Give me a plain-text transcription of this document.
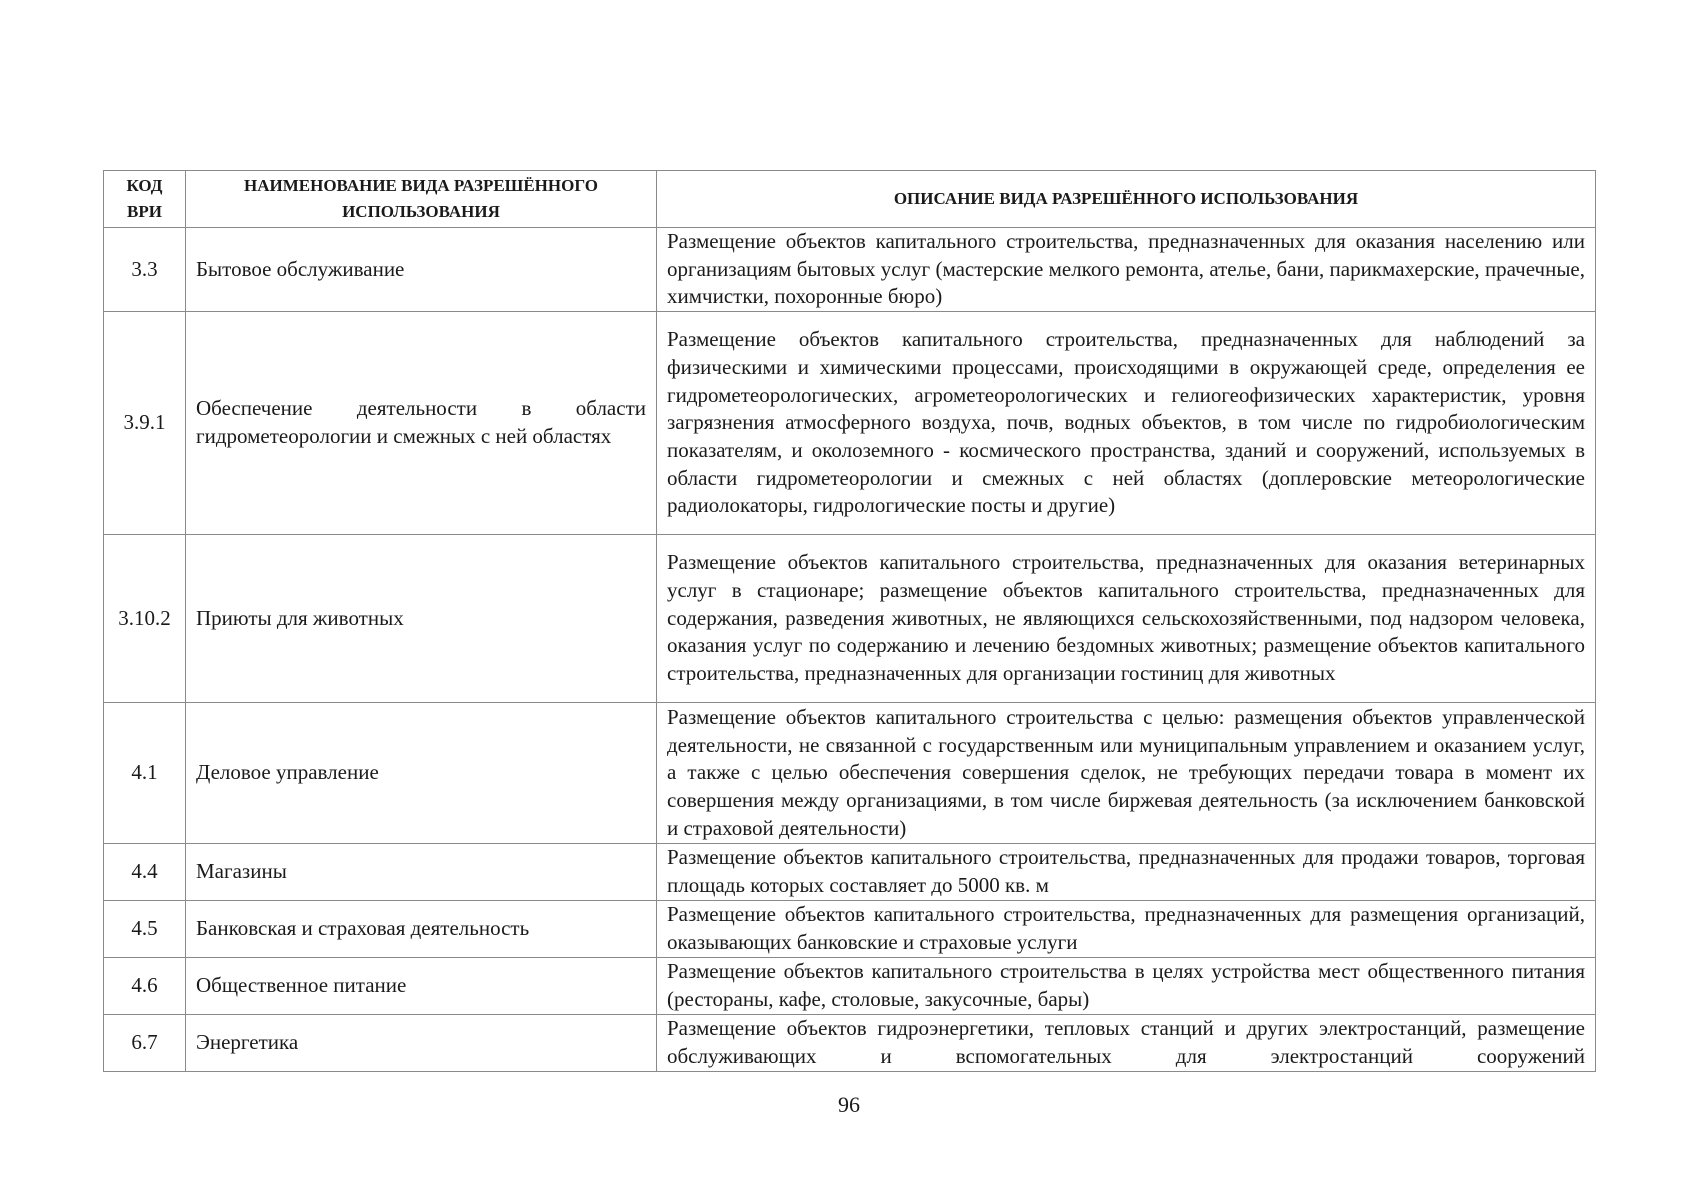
КОД ВРИ	НАИМЕНОВАНИЕ ВИДА РАЗРЕШЁННОГО ИСПОЛЬЗОВАНИЯ	ОПИСАНИЕ ВИДА РАЗРЕШЁННОГО ИСПОЛЬЗОВАНИЯ
3.3	Бытовое обслуживание	Размещение объектов капитального строительства, предназначенных для оказания населению или организациям бытовых услуг (мастерские мелкого ремонта, ателье, бани, парикмахерские, прачечные, химчистки, похоронные бюро)
3.9.1	Обеспечение деятельности в области гидрометеорологии и смежных с ней областях	Размещение объектов капитального строительства, предназначенных для наблюдений за физическими и химическими процессами, происходящими в окружающей среде, определения ее гидрометеорологических, агрометеорологических и гелиогеофизических характеристик, уровня загрязнения атмосферного воздуха, почв, водных объектов, в том числе по гидробиологическим показателям, и околоземного - космического пространства, зданий и сооружений, используемых в области гидрометеорологии и смежных с ней областях (доплеровские метеорологические радиолокаторы, гидрологические посты и другие)
3.10.2	Приюты для животных	Размещение объектов капитального строительства, предназначенных для оказания ветеринарных услуг в стационаре; размещение объектов капитального строительства, предназначенных для содержания, разведения животных, не являющихся сельскохозяйственными, под надзором человека, оказания услуг по содержанию и лечению бездомных животных; размещение объектов капитального строительства, предназначенных для организации гостиниц для животных
4.1	Деловое управление	Размещение объектов капитального строительства с целью: размещения объектов управленческой деятельности, не связанной с государственным или муниципальным управлением и оказанием услуг, а также с целью обеспечения совершения сделок, не требующих передачи товара в момент их совершения между организациями, в том числе биржевая деятельность (за исключением банковской и страховой деятельности)
4.4	Магазины	Размещение объектов капитального строительства, предназначенных для продажи товаров, торговая площадь которых составляет до 5000 кв. м
4.5	Банковская и страховая деятельность	Размещение объектов капитального строительства, предназначенных для размещения организаций, оказывающих банковские и страховые услуги
4.6	Общественное питание	Размещение объектов капитального строительства в целях устройства мест общественного питания (рестораны, кафе, столовые, закусочные, бары)
6.7	Энергетика	Размещение объектов гидроэнергетики, тепловых станций и других электростанций, размещение обслуживающих и вспомогательных для электростанций сооружений
96
